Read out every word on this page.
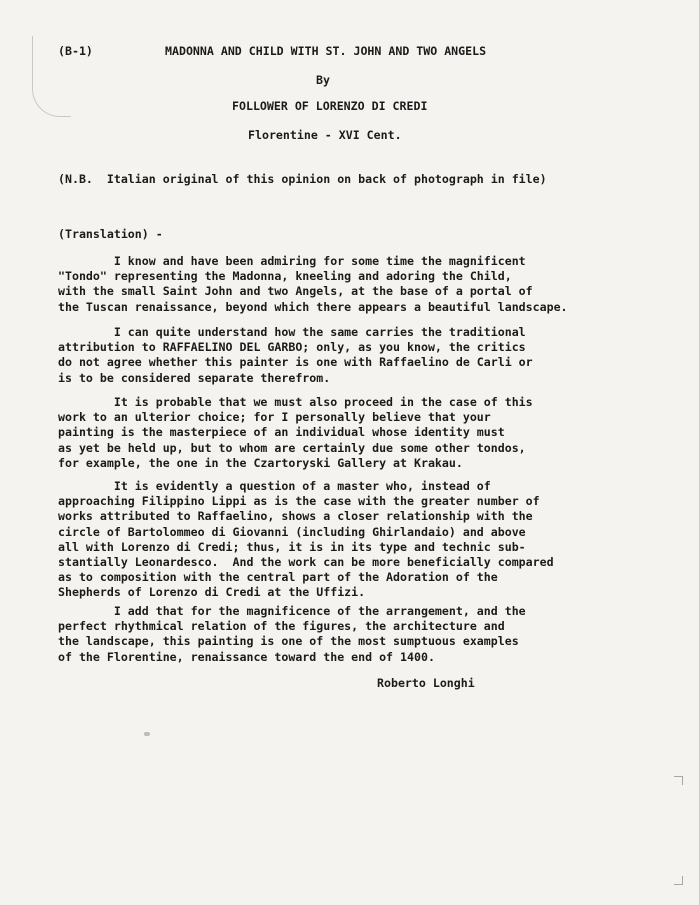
(B-1)	MADONNA AND CHILD WITH ST. JOHN AND TWO ANGELS
By
FOLLOWER OF LORENZO DI CREDI
Florentine - XVI Cent.
(N.B.  Italian original of this opinion on back of photograph in file)
(Translation) -
I know and have been admiring for some time the magnificent
"Tondo" representing the Madonna, kneeling and adoring the Child,
with the small Saint John and two Angels, at the base of a portal of
the Tuscan renaissance, beyond which there appears a beautiful landscape.
I can quite understand how the same carries the traditional
attribution to RAFFAELINO DEL GARBO; only, as you know, the critics
do not agree whether this painter is one with Raffaelino de Carli or
is to be considered separate therefrom.
It is probable that we must also proceed in the case of this
work to an ulterior choice; for I personally believe that your
painting is the masterpiece of an individual whose identity must
as yet be held up, but to whom are certainly due some other tondos,
for example, the one in the Czartoryski Gallery at Krakau.
It is evidently a question of a master who, instead of
approaching Filippino Lippi as is the case with the greater number of
works attributed to Raffaelino, shows a closer relationship with the
circle of Bartolommeo di Giovanni (including Ghirlandaio) and above
all with Lorenzo di Credi; thus, it is in its type and technic sub-
stantially Leonardesco.  And the work can be more beneficially compared
as to composition with the central part of the Adoration of the
Shepherds of Lorenzo di Credi at the Uffizi.
I add that for the magnificence of the arrangement, and the
perfect rhythmical relation of the figures, the architecture and
the landscape, this painting is one of the most sumptuous examples
of the Florentine, renaissance toward the end of 1400.
Roberto Longhi
